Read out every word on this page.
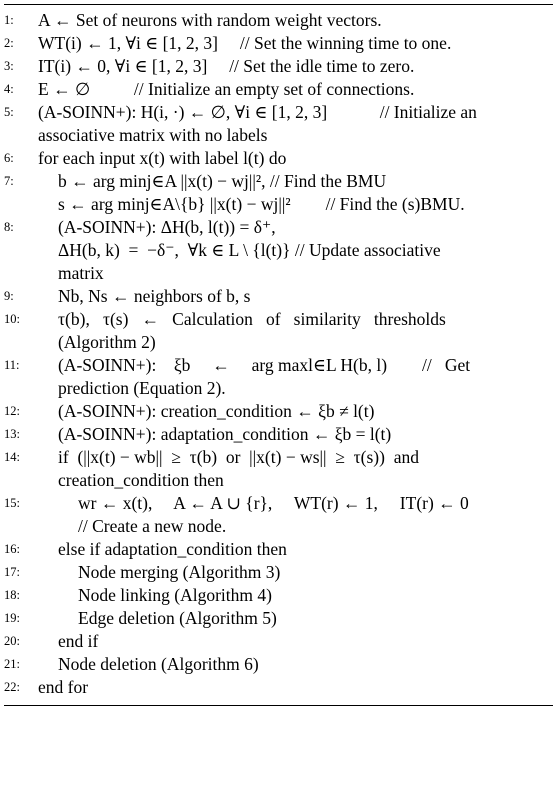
1:	A ← Set of neurons with random weight vectors.
2:	WT(i) ← 1, ∀i ∈ [1, 2, 3]     // Set the winning time to one.
3:	IT(i) ← 0, ∀i ∈ [1, 2, 3]     // Set the idle time to zero.
4:	E ← ∅          // Initialize an empty set of connections.
5:	(A-SOINN+): H(i, ·) ← ∅, ∀i ∈ [1, 2, 3]            // Initialize an
associative matrix with no labels
6:	for each input x(t) with label l(t) do
7:	b ← arg minj∈A ||x(t) − wj||², // Find the BMU
s ← arg minj∈A\{b} ||x(t) − wj||²        // Find the (s)BMU.
8:	(A-SOINN+): ΔH(b, l(t)) = δ⁺,
ΔH(b, k)  =  −δ⁻,  ∀k ∈ L \ {l(t)} // Update associative
matrix
9:	Nb, Ns ← neighbors of b, s
10:	τ(b),   τ(s)   ←   Calculation   of   similarity   thresholds
(Algorithm 2)
11:	(A-SOINN+):    ξb     ←     arg maxl∈L H(b, l)        //   Get
prediction (Equation 2).
12:	(A-SOINN+): creation_condition ← ξb ≠ l(t)
13:	(A-SOINN+): adaptation_condition ← ξb = l(t)
14:	if  (||x(t) − wb||  ≥  τ(b)  or  ||x(t) − ws||  ≥  τ(s))  and
creation_condition then
15:	wr ← x(t),     A ← A ∪ {r},     WT(r) ← 1,     IT(r) ← 0
// Create a new node.
16:	else if adaptation_condition then
17:	Node merging (Algorithm 3)
18:	Node linking (Algorithm 4)
19:	Edge deletion (Algorithm 5)
20:	end if
21:	Node deletion (Algorithm 6)
22:	end for
